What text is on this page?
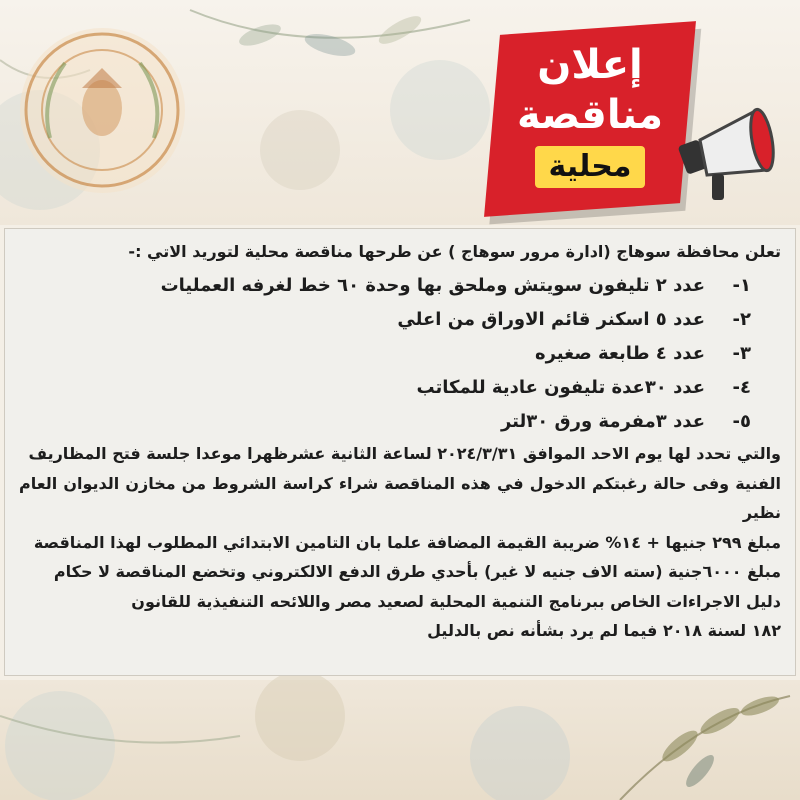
إعلان
مناقصة
محلية

تعلن محافظة سوهاج (ادارة مرور سوهاج ) عن طرحها مناقصة محلية لتوريد الاتي :-

١-عدد ٢ تليفون سويتش وملحق بها وحدة ٦٠ خط لغرفه العمليات

٢-عدد ٥ اسكنر قائم الاوراق من اعلي

٣-عدد ٤ طابعة صغيره

٤-عدد ٣٠عدة تليفون عادية للمكاتب

٥-عدد ٣مفرمة ورق ٣٠لتر

والتي تحدد لها يوم الاحد الموافق ٢٠٢٤/٣/٣١ لساعة الثانية عشرظهرا موعدا جلسة فتح المظاريف

الفنية وفى حالة رغبتكم الدخول في هذه المناقصة شراء كراسة الشروط من مخازن الديوان العام نظير

مبلغ ٢٩٩ جنيها + ١٤% ضريبة القيمة المضافة علما بان التامين الابتدائي المطلوب لهذا المناقصة

مبلغ ٦٠٠٠جنية (سته الاف جنيه لا غير) بأحدي طرق الدفع الالكتروني وتخضع المناقصة لا حكام

دليل الاجراءات الخاص ببرنامج التنمية المحلية لصعيد مصر واللائحه التنفيذية للقانون

١٨٢ لسنة ٢٠١٨ فيما لم يرد بشأنه نص بالدليل
